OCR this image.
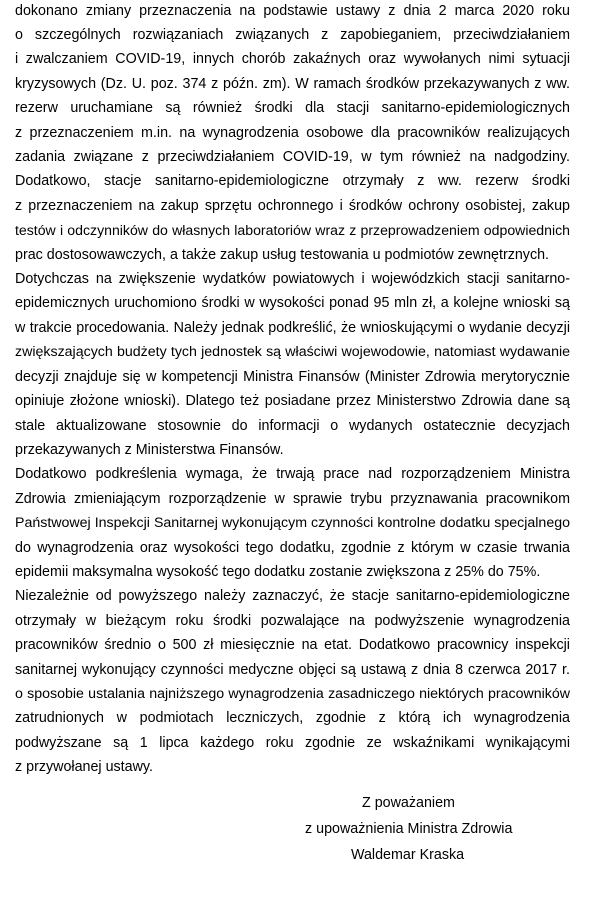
dokonano zmiany przeznaczenia na podstawie ustawy z dnia 2 marca 2020 roku
o szczególnych rozwiązaniach związanych z zapobieganiem, przeciwdziałaniem
i zwalczaniem COVID-19, innych chorób zakaźnych oraz wywołanych nimi sytuacji
kryzysowych (Dz. U. poz. 374 z późn. zm). W ramach środków przekazywanych z ww.
rezerw uruchamiane są również środki dla stacji sanitarno-epidemiologicznych
z przeznaczeniem m.in. na wynagrodzenia osobowe dla pracowników realizujących
zadania związane z przeciwdziałaniem COVID-19, w tym również na nadgodziny.
Dodatkowo, stacje sanitarno-epidemiologiczne otrzymały z ww. rezerw środki
z przeznaczeniem na zakup sprzętu ochronnego i środków ochrony osobistej, zakup
testów i odczynników do własnych laboratoriów wraz z przeprowadzeniem odpowiednich
prac dostosowawczych, a także zakup usług testowania u podmiotów zewnętrznych.
Dotychczas na zwiększenie wydatków powiatowych i wojewódzkich stacji sanitarno-
epidemicznych uruchomiono środki w wysokości ponad 95 mln zł, a kolejne wnioski są
w trakcie procedowania. Należy jednak podkreślić, że wnioskującymi o wydanie decyzji
zwiększających budżety tych jednostek są właściwi wojewodowie, natomiast wydawanie
decyzji znajduje się w kompetencji Ministra Finansów (Minister Zdrowia merytorycznie
opiniuje złożone wnioski). Dlatego też posiadane przez Ministerstwo Zdrowia dane są
stale aktualizowane stosownie do informacji o wydanych ostatecznie decyzjach
przekazywanych z Ministerstwa Finansów.
Dodatkowo podkreślenia wymaga, że trwają prace nad rozporządzeniem Ministra
Zdrowia zmieniającym rozporządzenie w sprawie trybu przyznawania pracownikom
Państwowej Inspekcji Sanitarnej wykonującym czynności kontrolne dodatku specjalnego
do wynagrodzenia oraz wysokości tego dodatku, zgodnie z którym w czasie trwania
epidemii maksymalna wysokość tego dodatku zostanie zwiększona z 25% do 75%.
Niezależnie od powyższego należy zaznaczyć, że stacje sanitarno-epidemiologiczne
otrzymały w bieżącym roku środki pozwalające na podwyższenie wynagrodzenia
pracowników średnio o 500 zł miesięcznie na etat. Dodatkowo pracownicy inspekcji
sanitarnej wykonujący czynności medyczne objęci są ustawą z dnia 8 czerwca 2017 r.
o sposobie ustalania najniższego wynagrodzenia zasadniczego niektórych pracowników
zatrudnionych w podmiotach leczniczych, zgodnie z którą ich wynagrodzenia
podwyższane są 1 lipca każdego roku zgodnie ze wskaźnikami wynikającymi
z przywołanej ustawy.
Z poważaniem
z upoważnienia Ministra Zdrowia
Waldemar Kraska
